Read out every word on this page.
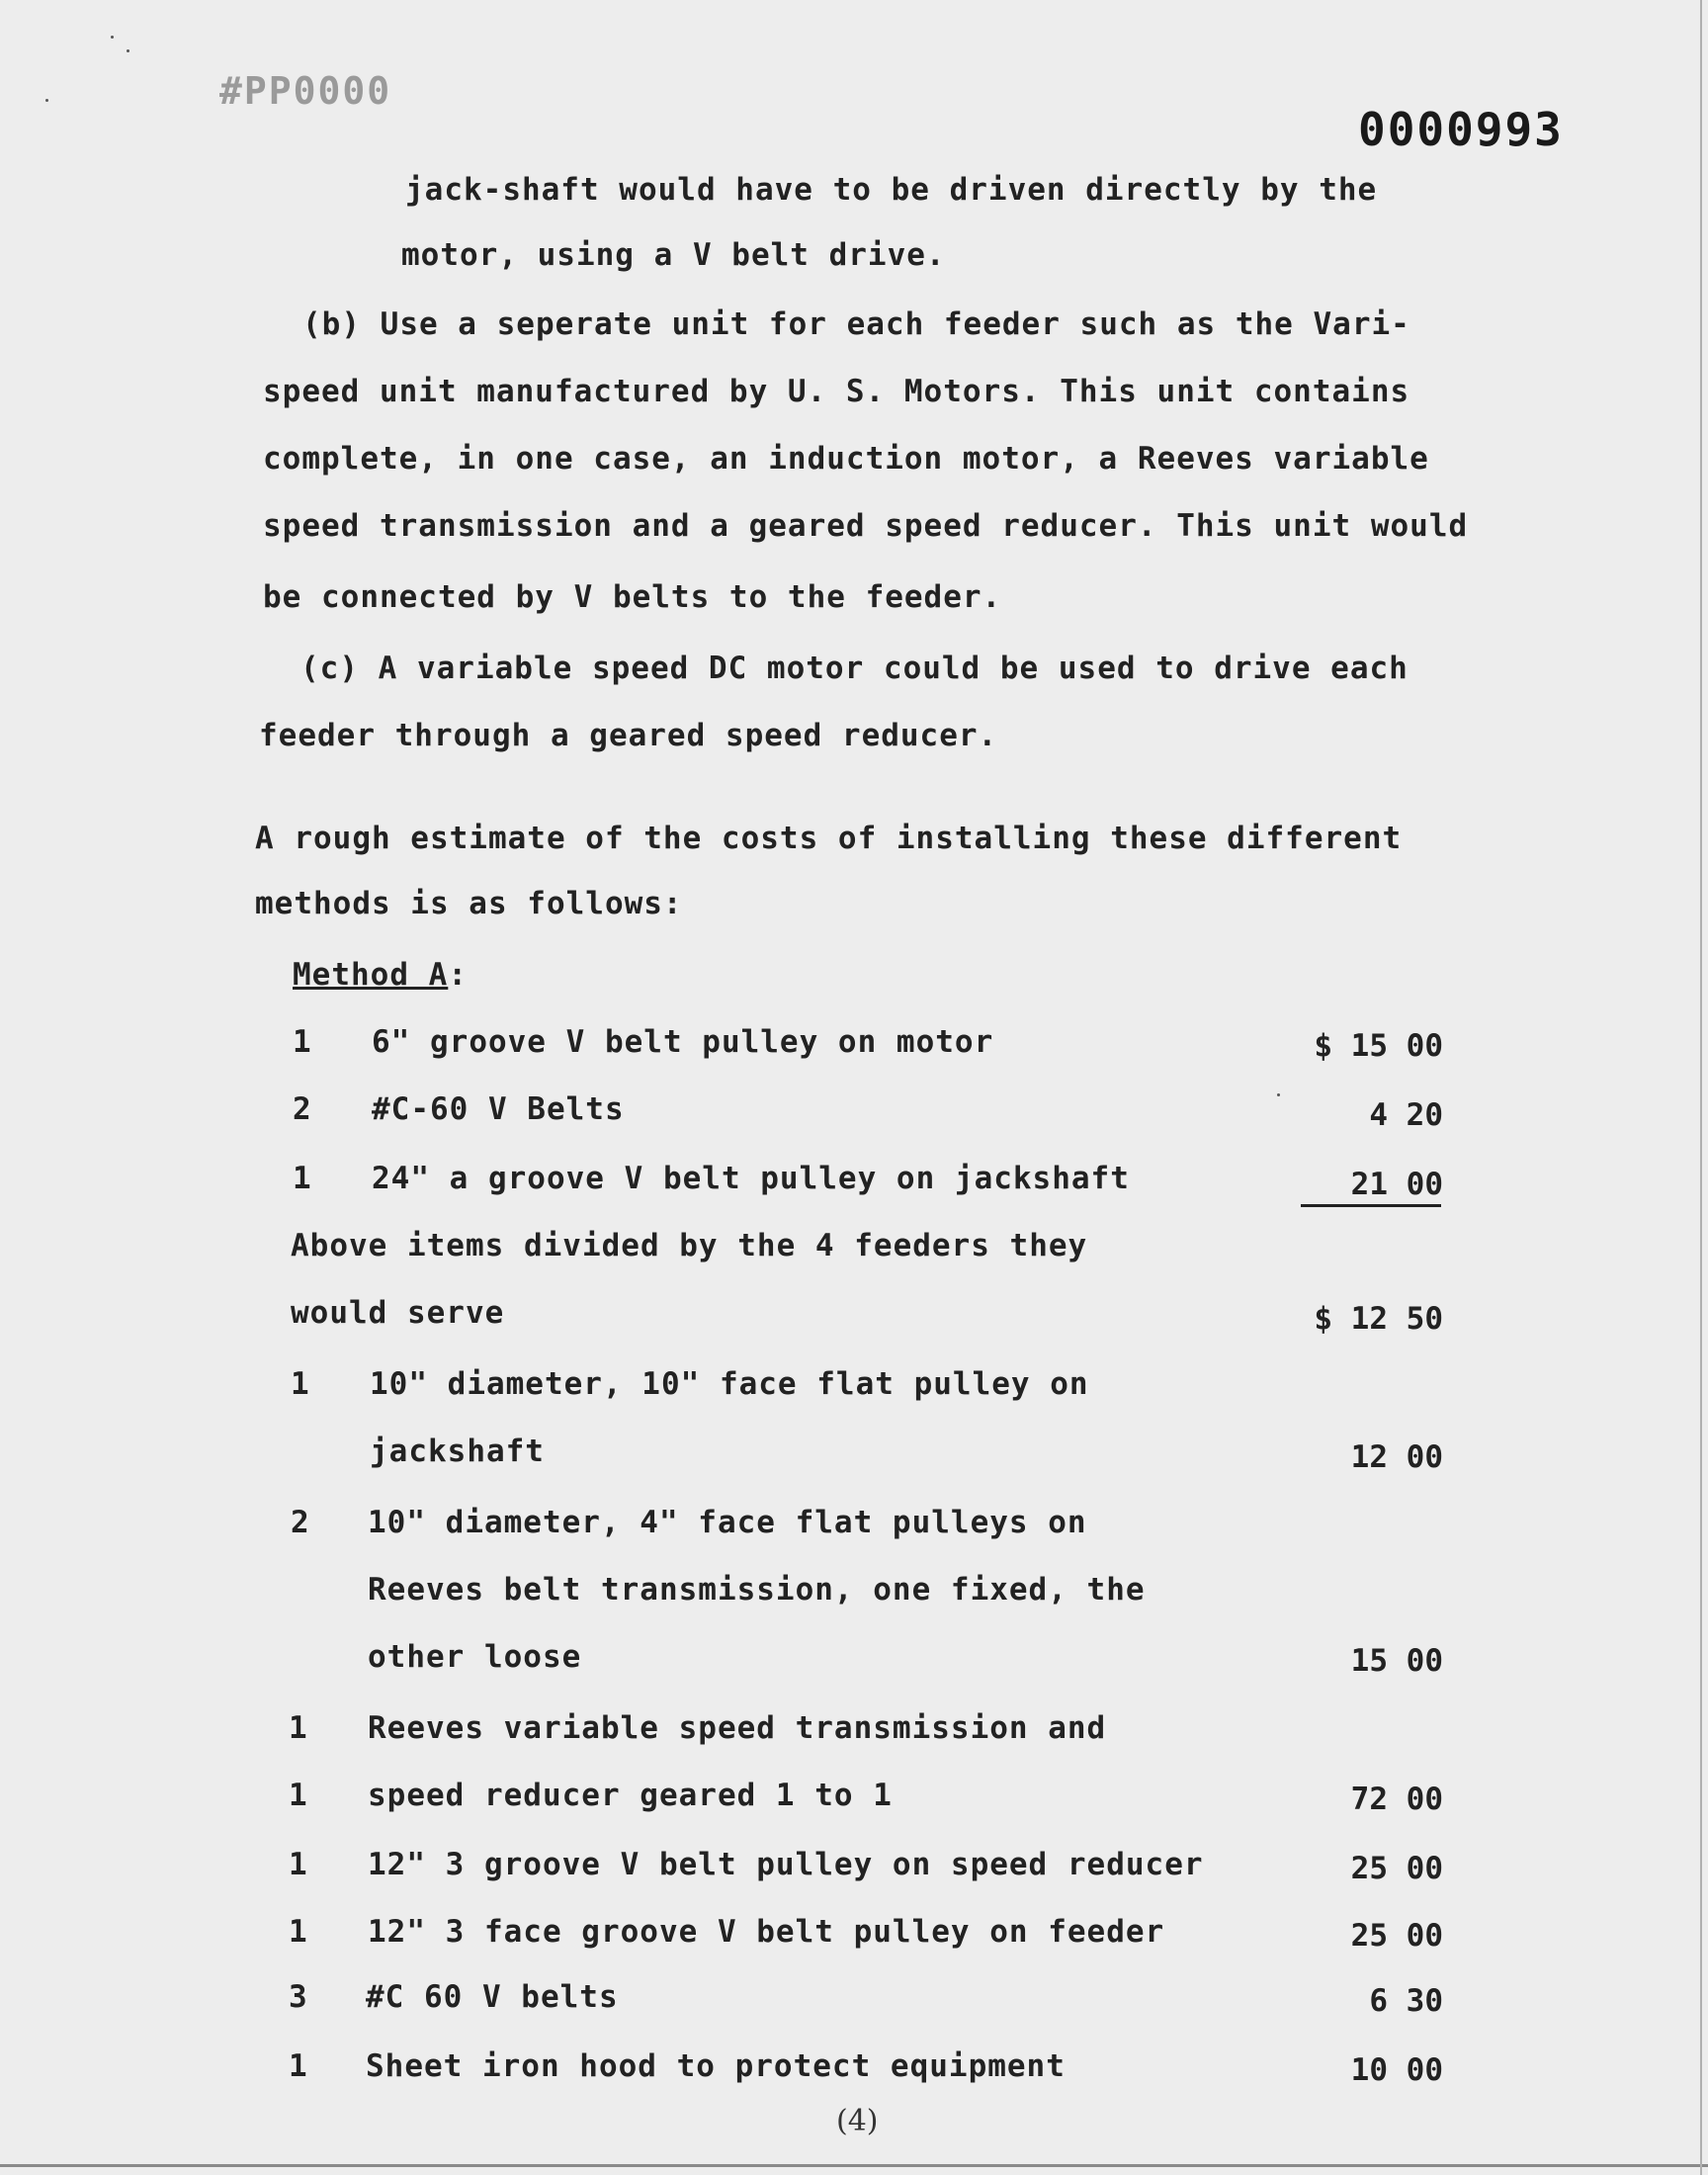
#PP0000
0000993
jack-shaft would have to be driven directly by the
motor, using a V belt drive.
(b) Use a seperate unit for each feeder such as the Vari-
speed unit manufactured by U. S. Motors. This unit contains
complete, in one case, an induction motor, a Reeves variable
speed transmission and a geared speed reducer. This unit would
be connected by V belts to the feeder.
(c) A variable speed DC motor could be used to drive each
feeder through a geared speed reducer.
A rough estimate of the costs of installing these different
methods is as follows:
Method A:
1 6" groove V belt pulley on motor	$ 15 00
2 #C-60 V Belts	4 20
1 24" a groove V belt pulley on jackshaft	21 00
Above items divided by the 4 feeders they
would serve	$ 12 50
1 10" diameter, 10" face flat pulley on
jackshaft	12 00
2 10" diameter, 4" face flat pulleys on
Reeves belt transmission, one fixed, the
other loose	15 00
1 Reeves variable speed transmission and
1 speed reducer geared 1 to 1	72 00
1 12" 3 groove V belt pulley on speed reducer	25 00
1 12" 3 face groove V belt pulley on feeder	25 00
3 #C 60 V belts	6 30
1 Sheet iron hood to protect equipment	10 00
(4)
